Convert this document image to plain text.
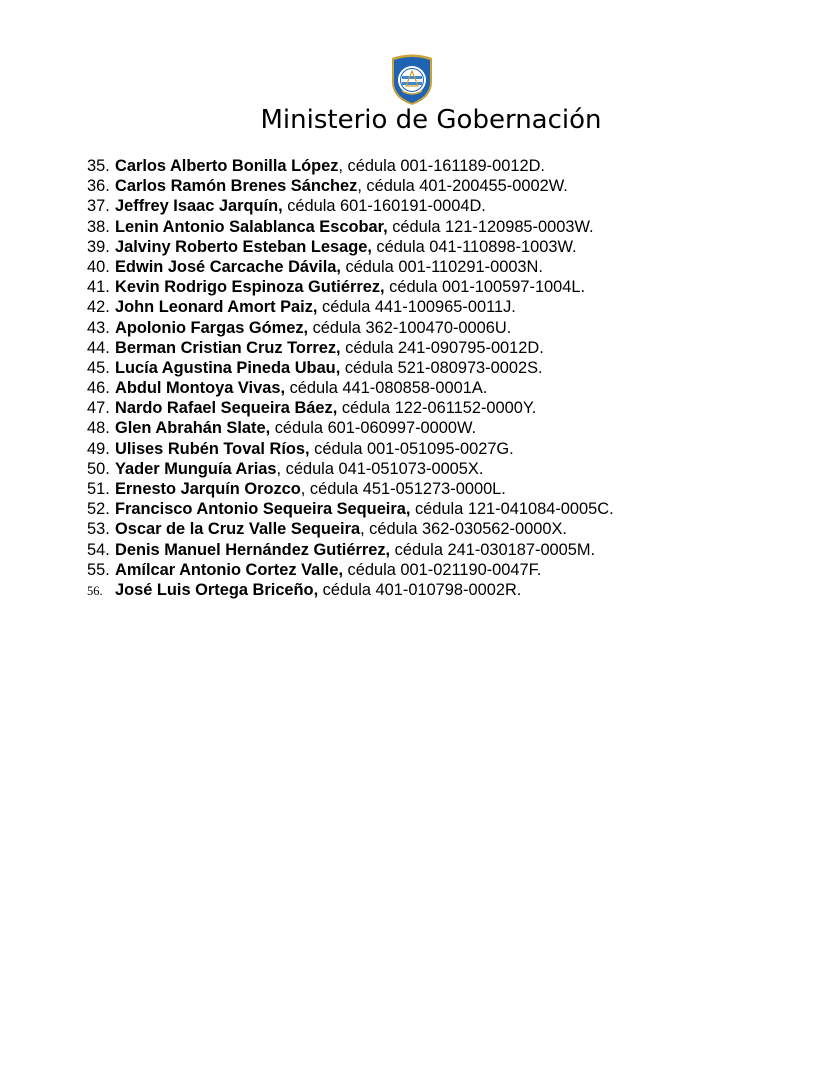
Ministerio de Gobernación
35. Carlos Alberto Bonilla López, cédula 001-161189-0012D.
36. Carlos Ramón Brenes Sánchez, cédula 401-200455-0002W.
37. Jeffrey Isaac Jarquín, cédula 601-160191-0004D.
38. Lenin Antonio Salablanca Escobar, cédula 121-120985-0003W.
39. Jalviny Roberto Esteban Lesage, cédula 041-110898-1003W.
40. Edwin José Carcache Dávila, cédula 001-110291-0003N.
41. Kevin Rodrigo Espinoza Gutiérrez, cédula 001-100597-1004L.
42. John Leonard Amort Paiz, cédula 441-100965-0011J.
43. Apolonio Fargas Gómez, cédula 362-100470-0006U.
44. Berman Cristian Cruz Torrez, cédula 241-090795-0012D.
45. Lucía Agustina Pineda Ubau, cédula 521-080973-0002S.
46. Abdul Montoya Vivas, cédula 441-080858-0001A.
47. Nardo Rafael Sequeira Báez, cédula 122-061152-0000Y.
48. Glen Abrahán Slate, cédula 601-060997-0000W.
49. Ulises Rubén Toval Ríos, cédula 001-051095-0027G.
50. Yader Munguía Arias, cédula 041-051073-0005X.
51. Ernesto Jarquín Orozco, cédula 451-051273-0000L.
52. Francisco Antonio Sequeira Sequeira, cédula 121-041084-0005C.
53. Oscar de la Cruz Valle Sequeira, cédula 362-030562-0000X.
54. Denis Manuel Hernández Gutiérrez, cédula 241-030187-0005M.
55. Amílcar Antonio Cortez Valle, cédula 001-021190-0047F.
56. José Luis Ortega Briceño, cédula 401-010798-0002R.
